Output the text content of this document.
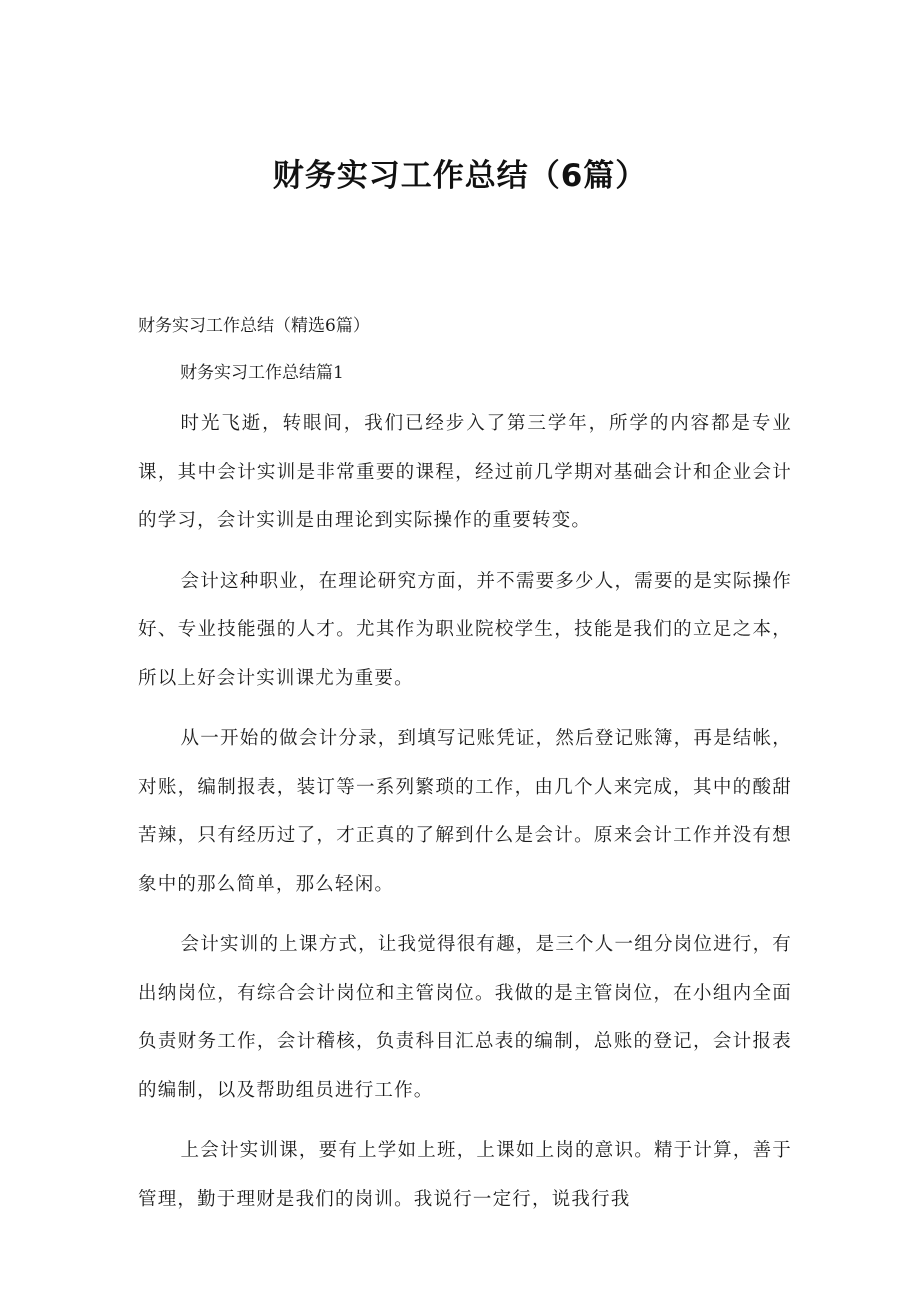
财务实习工作总结（6篇）

财务实习工作总结（精选6篇）

财务实习工作总结篇1

时光飞逝，转眼间，我们已经步入了第三学年，所学的内容都是专业课，其中会计实训是非常重要的课程，经过前几学期对基础会计和企业会计的学习，会计实训是由理论到实际操作的重要转变。

会计这种职业，在理论研究方面，并不需要多少人，需要的是实际操作好、专业技能强的人才。尤其作为职业院校学生，技能是我们的立足之本，所以上好会计实训课尤为重要。

从一开始的做会计分录，到填写记账凭证，然后登记账簿，再是结帐，对账，编制报表，装订等一系列繁琐的工作，由几个人来完成，其中的酸甜苦辣，只有经历过了，才正真的了解到什么是会计。原来会计工作并没有想象中的那么简单，那么轻闲。

会计实训的上课方式，让我觉得很有趣，是三个人一组分岗位进行，有出纳岗位，有综合会计岗位和主管岗位。我做的是主管岗位，在小组内全面负责财务工作，会计稽核，负责科目汇总表的编制，总账的登记，会计报表的编制，以及帮助组员进行工作。

上会计实训课，要有上学如上班，上课如上岗的意识。精于计算，善于管理，勤于理财是我们的岗训。我说行一定行，说我行我
